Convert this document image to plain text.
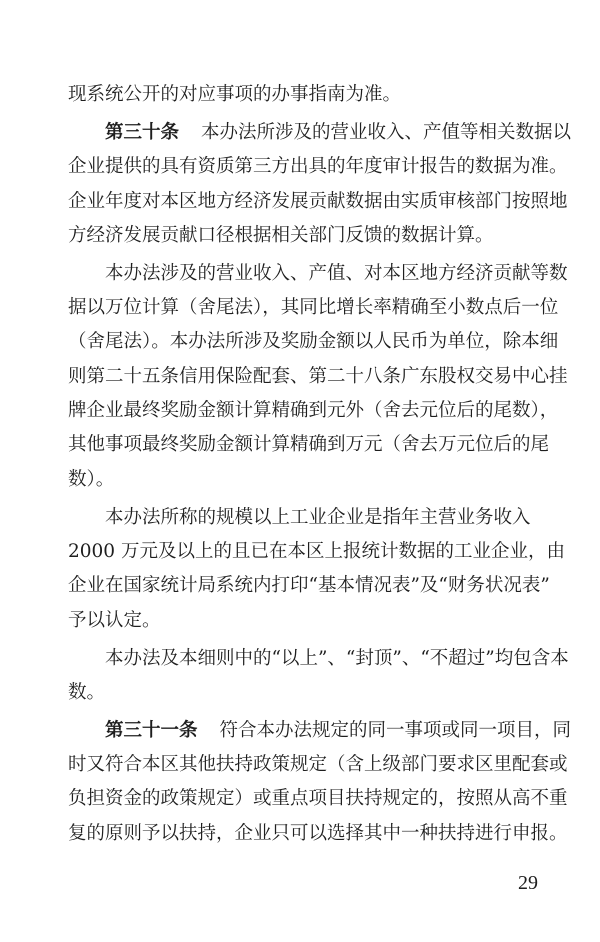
现系统公开的对应事项的办事指南为准。
第三十条 本办法所涉及的营业收入、产值等相关数据以
企业提供的具有资质第三方出具的年度审计报告的数据为准。
企业年度对本区地方经济发展贡献数据由实质审核部门按照地
方经济发展贡献口径根据相关部门反馈的数据计算。
本办法涉及的营业收入、产值、对本区地方经济贡献等数
据以万位计算（舍尾法），其同比增长率精确至小数点后一位
（舍尾法）。本办法所涉及奖励金额以人民币为单位，除本细
则第二十五条信用保险配套、第二十八条广东股权交易中心挂
牌企业最终奖励金额计算精确到元外（舍去元位后的尾数），
其他事项最终奖励金额计算精确到万元（舍去万元位后的尾
数）。
本办法所称的规模以上工业企业是指年主营业务收入
2000 万元及以上的且已在本区上报统计数据的工业企业，由
企业在国家统计局系统内打印“基本情况表”及“财务状况表”
予以认定。
本办法及本细则中的“以上”、“封顶”、“不超过”均包含本
数。
第三十一条 符合本办法规定的同一事项或同一项目，同
时又符合本区其他扶持政策规定（含上级部门要求区里配套或
负担资金的政策规定）或重点项目扶持规定的，按照从高不重
复的原则予以扶持，企业只可以选择其中一种扶持进行申报。
29
